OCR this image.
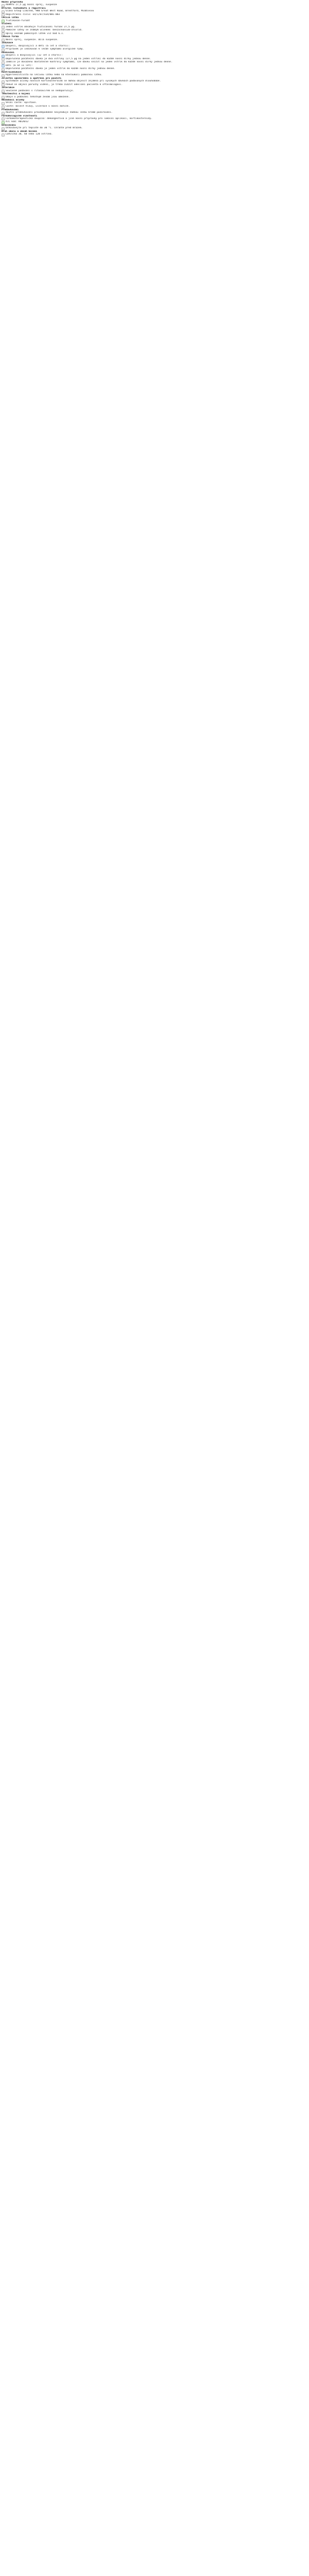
Název přípravku
AVAMYS 27,5 µg nosní sprej, suspenze
Držitel rozhodnutí o registraci
Glaxo Group Limited, 980 Great West Road, Brentford, Middlesex
Registrační číslo: EU/1/07/434/001-003
Léčivá látka
flutikason-furoát
Složení
Jeden vstřik obsahuje fluticasoni furoas 27,5 µg.
Pomocné látky se známým účinkem: benzalkonium-chlorid.
Úplný seznam pomocných látek viz bod 6.1.
Léková forma
Nosní sprej, suspenze. Bílá suspenze.
Indikace
Dospělí, dospívající a děti (6 let a starší):
Přípravek je indikován k léčbě symptomů alergické rýmy.
Dávkování
Dospělí a dospívající (12 let a starší):
Doporučená počáteční dávka je dva vstřiky (27,5 µg na jeden vstřik) do každé nosní dírky jednou denně.
Jakmile je dosaženo dostatečné kontroly symptomů, lze dávku snížit na jeden vstřik do každé nosní dírky jednou denně.
Děti (6 až 11 let):
Doporučená počáteční dávka je jeden vstřik do každé nosní dírky jednou denně.
Kontraindikace
Hypersenzitivita na léčivou látku nebo na kteroukoli pomocnou látku.
Zvláštní upozornění a opatření pro použití
Systémové účinky nosních kortikosteroidů se mohou objevit zejména při vysokých dávkách podávaných dlouhodobě.
Pokud se objeví poruchy vidění, je třeba zvážit odeslání pacienta k oftalmologovi.
Interakce
Současné podávání s ritonavirem se nedoporučuje.
Těhotenství a kojení
Údaje o podávání těhotným ženám jsou omezené.
Nežádoucí účinky
Velmi časté: epistaxe.
Časté: bolest hlavy, ulcerace v nosní dutině.
Předávkování
Akutní předávkování pravděpodobně nevyžaduje žádnou léčbu kromě pozorování.
Farmakologické vlastnosti
Farmakoterapeutická skupina: dekongestiva a jiné nosní přípravky pro lokální aplikaci, kortikosteroidy.
ATC kód: R01AD12
Uchovávání
Uchovávejte při teplotě do 30 °C. Chraňte před mrazem.
Druh obalu a obsah balení
Lahvička 30, 60 nebo 120 vstřiků.
